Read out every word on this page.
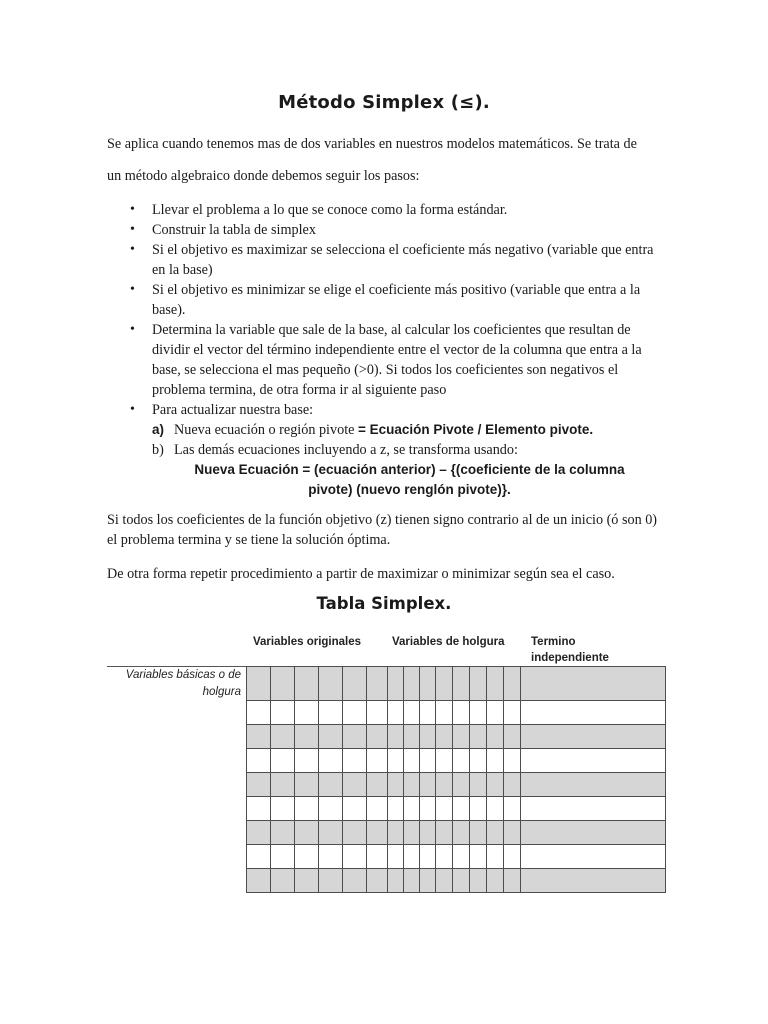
Método Simplex (≤).

Se aplica cuando tenemos mas de dos variables en nuestros modelos matemáticos. Se trata de

un método algebraico donde debemos seguir los pasos:

• Llevar el problema a lo que se conoce como la forma estándar.
• Construir la tabla de simplex
• Si el objetivo es maximizar se selecciona el coeficiente más negativo (variable que entra en la base)
• Si el objetivo es minimizar se elige el coeficiente más positivo (variable que entra a la base).
• Determina la variable que sale de la base, al calcular los coeficientes que resultan de dividir el vector del término independiente entre el vector de la columna que entra a la base, se selecciona el mas pequeño (>0). Si todos los coeficientes son negativos el problema termina, de otra forma ir al siguiente paso
• Para actualizar nuestra base:
a) Nueva ecuación o región pivote = Ecuación Pivote / Elemento pivote.
b) Las demás ecuaciones incluyendo a z, se transforma usando:
Nueva Ecuación = (ecuación anterior) – {(coeficiente de la columna
pivote) (nuevo renglón pivote)}.

Si todos los coeficientes de la función objetivo (z) tienen signo contrario al de un inicio (ó son 0)

el problema termina y se tiene la solución óptima.

De otra forma repetir procedimiento a partir de maximizar o minimizar según sea el caso.

Tabla Simplex.
Variables originales	Variables de holgura Termino
independiente
Variables básicas o de
holgura
